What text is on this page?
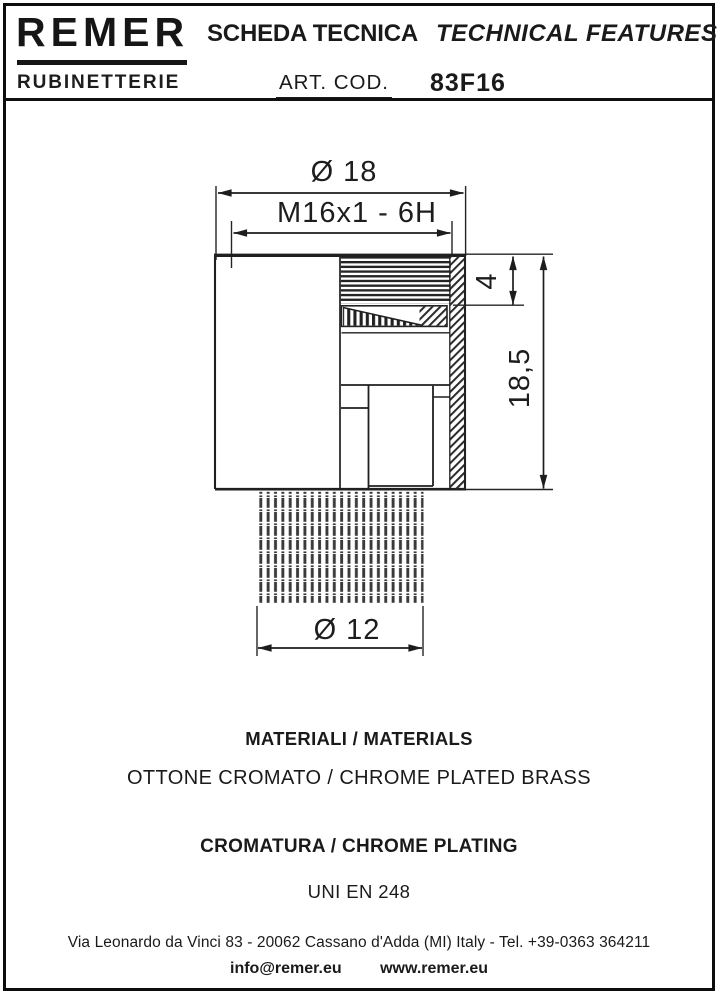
REMER
RUBINETTERIE
SCHEDA TECNICA TECHNICAL FEATURES
ART. COD. 83F16
Ø 18
M16x1 - 6H
4
18,5
Ø 12
MATERIALI / MATERIALS
OTTONE CROMATO / CHROME PLATED BRASS
CROMATURA / CHROME PLATING
UNI EN 248
Via Leonardo da Vinci 83 - 20062 Cassano d'Adda (MI) Italy - Tel. +39-0363 364211
info@remer.eu www.remer.eu
